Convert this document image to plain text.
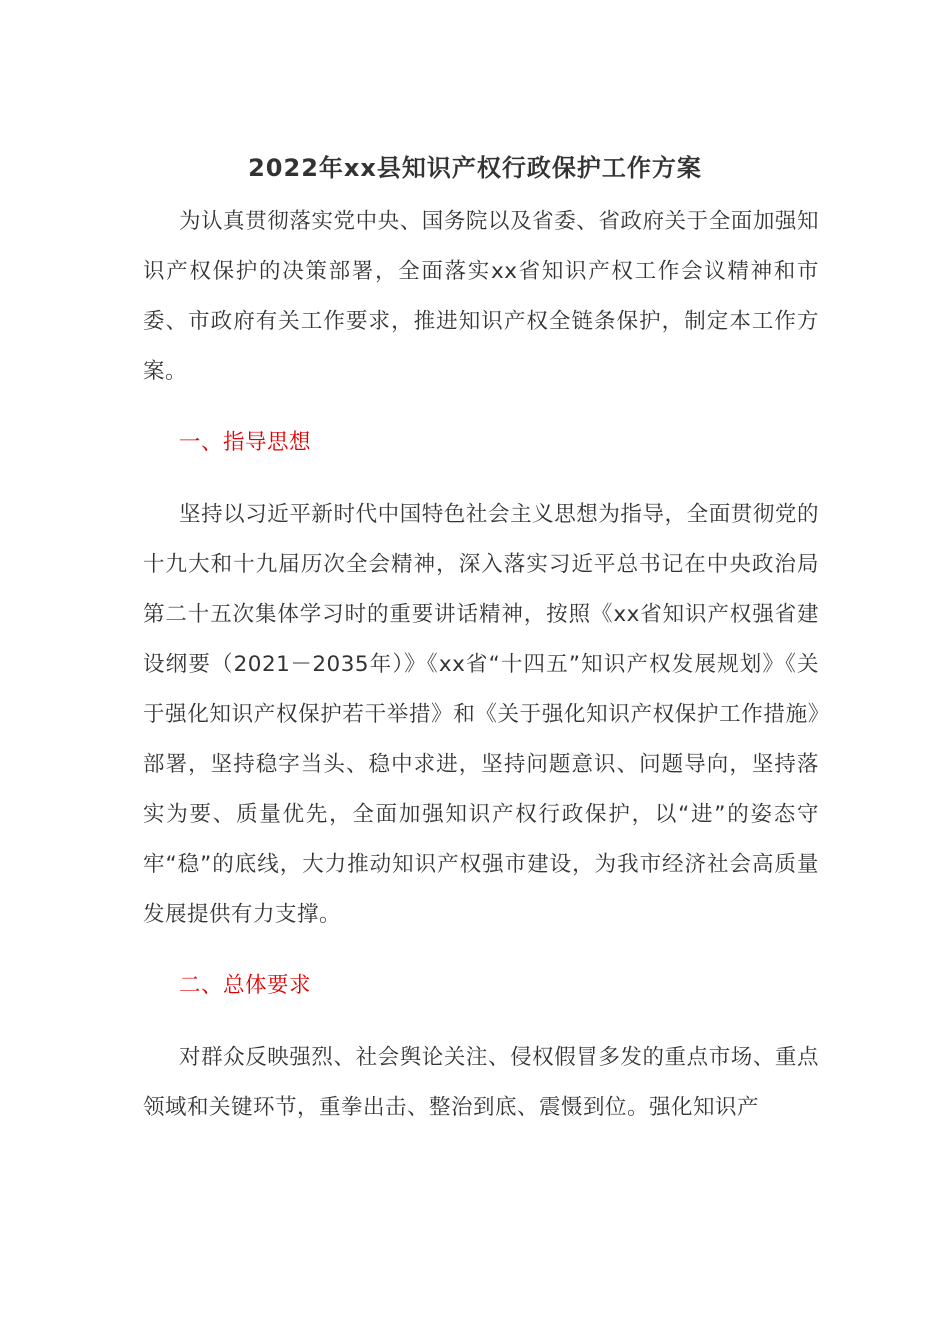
2022年xx县知识产权行政保护工作方案

为认真贯彻落实党中央、国务院以及省委、省政府关于全面加强知识产权保护的决策部署，全面落实xx省知识产权工作会议精神和市委、市政府有关工作要求，推进知识产权全链条保护，制定本工作方案。

一、指导思想

坚持以习近平新时代中国特色社会主义思想为指导，全面贯彻党的十九大和十九届历次全会精神，深入落实习近平总书记在中央政治局第二十五次集体学习时的重要讲话精神，按照《xx省知识产权强省建设纲要（2021－2035年）》《xx省“十四五”知识产权发展规划》《关于强化知识产权保护若干举措》和《关于强化知识产权保护工作措施》部署，坚持稳字当头、稳中求进，坚持问题意识、问题导向，坚持落实为要、质量优先，全面加强知识产权行政保护，以“进”的姿态守牢“稳”的底线，大力推动知识产权强市建设，为我市经济社会高质量发展提供有力支撑。

二、总体要求

对群众反映强烈、社会舆论关注、侵权假冒多发的重点市场、重点领域和关键环节，重拳出击、整治到底、震慑到位。强化知识产
